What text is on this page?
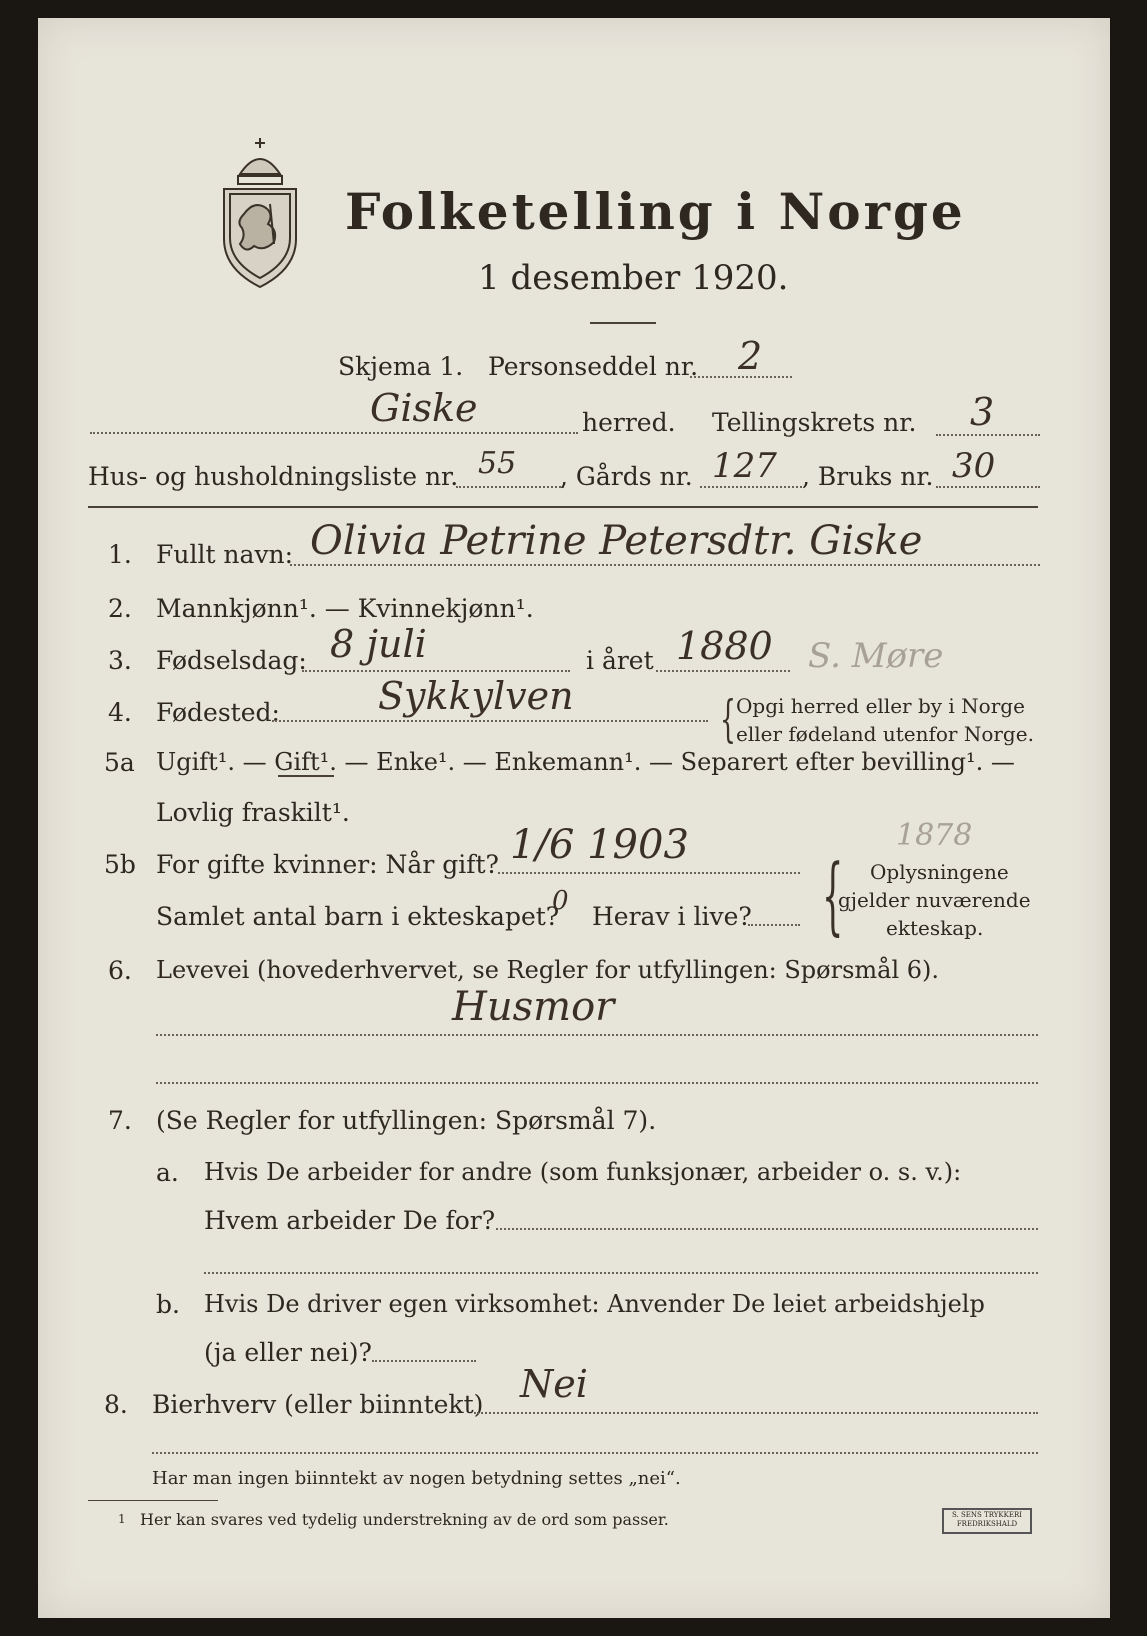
Folketelling i Norge
1 desember 1920.
Skjema 1. Personseddel nr. 2
Giske	herred. Tellingskrets nr. 3
Hus- og husholdningsliste nr. 55 , Gårds nr. 127 , Bruks nr. 30
1. Fullt navn: Olivia Petrine Petersdtr. Giske
2. Mannkjønn¹. — Kvinnekjønn¹.
3. Fødselsdag: 8 juli	i året 1880 S. Møre
4. Fødested:	Sykkylven	{ Opgi herred eller by i Norge
eller fødeland utenfor Norge.
5a Ugift¹. — Gift¹. — Enke¹. — Enkemann¹. — Separert efter bevilling¹. —
Lovlig fraskilt¹.
5b For gifte kvinner: Når gift? 1/6 1903	1878
Samlet antal barn i ekteskapet?
0
Herav i live? { Oplysningene
gjelder nuværende
ekteskap.
6. Levevei (hovederhvervet, se Regler for utfyllingen: Spørsmål 6).
Husmor
7. (Se Regler for utfyllingen: Spørsmål 7).
a. Hvis De arbeider for andre (som funksjonær, arbeider o. s. v.):
Hvem arbeider De for?
b. Hvis De driver egen virksomhet: Anvender De leiet arbeidshjelp
(ja eller nei)?
8. Bierhverv (eller biinntekt) Nei
Har man ingen biinntekt av nogen betydning settes „nei“.
1 Her kan svares ved tydelig understrekning av de ord som passer.	S. SENS TRYKKERI FREDRIKSHALD
